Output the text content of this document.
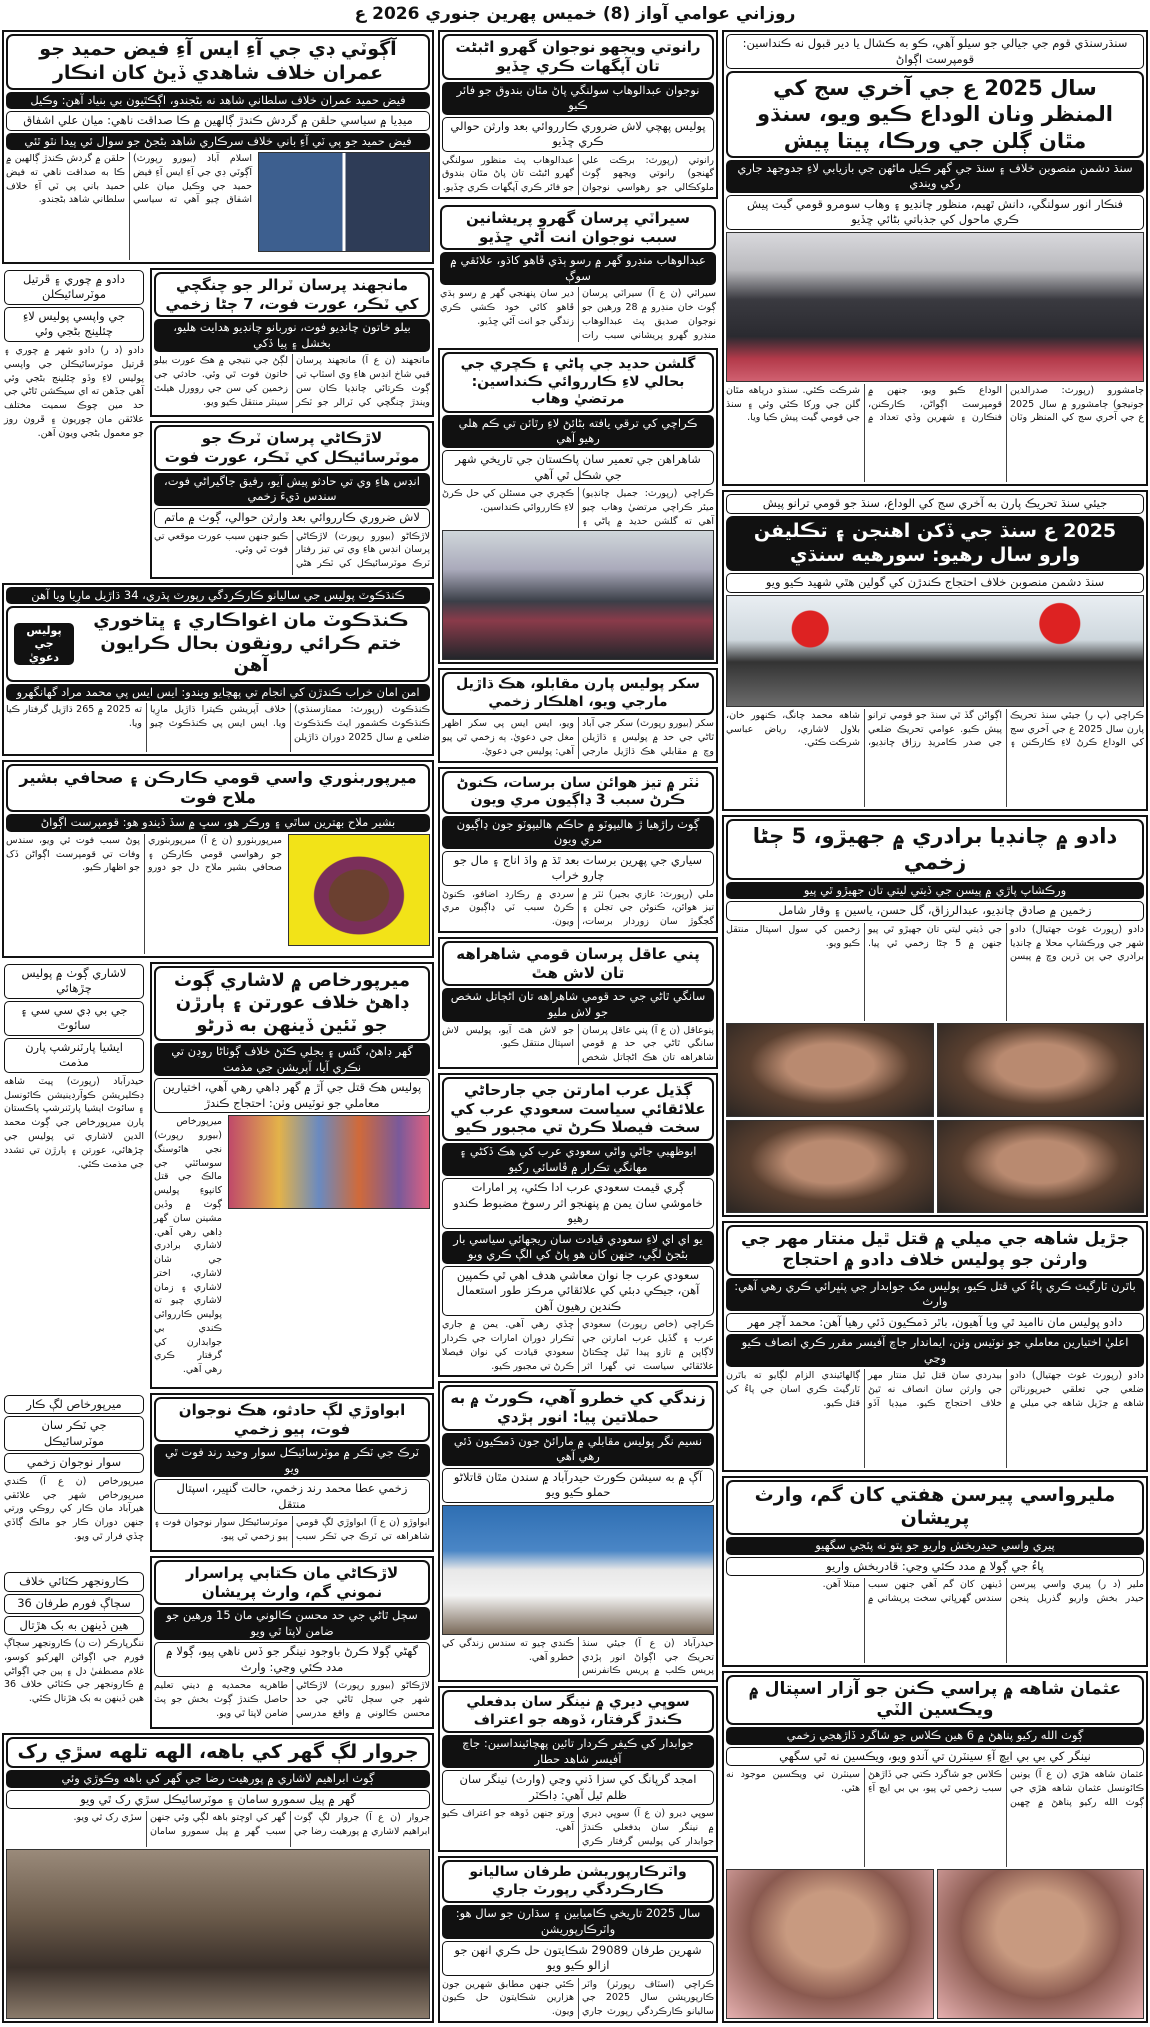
روزاني عوامي آواز (8) خميس پهرين جنوري 2026 ع
آڳوٽي ڊي جي آءِ ايس آءِ فيض حميد جو عمران خلاف شاهدي ڏيڻ کان انڪار
فيض حميد عمران خلاف سلطاني شاهد نه بڻجندو، اڳڪٿيون بي بنياد آهن: وڪيل
ميڊيا ۾ سياسي حلقن ۾ گردش ڪندڙ ڳالهين ۾ ڪا صداقت ناهي: ميان علي اشفاق
فيض حميد جو پي ٽي آءِ باني خلاف سرڪاري شاهد بڻجڻ جو سوال ئي پيدا نٿو ٿئي
اسلام آباد (بيورو رپورٽ) آڳوٽي ڊي جي آءِ ايس آءِ فيض حميد جي وڪيل ميان علي اشفاق چيو آهي ته سياسي حلقن ۾ گردش ڪندڙ ڳالهين ۾ ڪا به صداقت ناهي ته فيض حميد باني پي ٽي آءِ خلاف سلطاني شاهد بڻجندو.
مانجهند پرسان ٽرالر جو چنگچي کي ٽڪر، عورت فوت، 7 ڄڻا زخمي
بيلو خاتون چانڊيو فوت، نوربانو چانڊيو هدايت هليو، بخشل ۽ پيا ڏکي
مانجهند (ن ع آ) مانجهند پرسان قبي شاخ انڊس هاءِ وي اسٽاپ تي ڳوٺ ڪرتائي چانڊيا ڪان سن ويندڙ چنگچي کي ٽرالر جو ٽڪر لڳڻ جي نتيجي ۾ هڪ عورت بيلو خاتون فوت ٿي وئي. حادثي جي زخمين کي سن جي روورل هيلٿ سينٽر منتقل ڪيو ويو.
لاڙڪاڻي پرسان ٽرڪ جو موٽرسائيڪل کي ٽڪر، عورت فوت
انڊس هاءِ وي تي حادثو پيش آيو، رفيق جاگيراڻي فوت، سندس ڌيءَ زخمي
لاش ضروري ڪارروائي بعد وارثن حوالي، ڳوٺ ۾ ماتم
لاڙڪاڻو (بيورو رپورٽ) لاڙڪاڻي پرسان انڊس هاءِ وي تي تيز رفتار ٽرڪ موٽرسائيڪل کي ٽڪر هڻي ڪيو جنهن سبب عورت موقعي تي فوت ٿي وئي.
دادو ۾ چوري ۽ ڦرتيل موٽرسائيڪلن
جي واپسي پوليس لاءِ چئلينج بڻجي وئي
دادو (د ر) دادو شهر ۾ چوري ۽ ڦرتيل موٽرسائيڪلن جي واپسي پوليس لاءِ وڏو چئلينج بڻجي وئي آهي جڏهن ته اي سيڪشن ٿاڻي جي حد مين چوڪ سميت مختلف علائقن مان چوريون ۽ ڦرون روز جو معمول بڻجي ويون آهن.
ڪنڌڪوٽ پوليس جي ساليانو ڪارڪردگي رپورٽ پڌري، 34 ڌاڙيل مارِيا ويا آهن
ڪنڌڪوٽ مان اغواڪاري ۽ ڀتاخوري ختم ڪرائي رونقون بحال ڪرايون آهن
پوليس جي دعويٰ
امن امان خراب ڪندڙن کي انجام تي پهچايو ويندو: ايس ايس پي محمد مراد گهانگهرو
ڪنڌڪوٽ (رپورٽ: ممتازسنڌي) ڪنڌڪوٽ ڪشمور ايٽ ڪنڌڪوٽ ضلعي ۾ سال 2025 دوران ڌاڙيلن خلاف آپريشن ڪيترا ڌاڙيل مارِيا ويا. ايس ايس پي ڪنڌڪوٽ چيو ته 2025 ۾ 265 ڌاڙيل گرفتار ڪيا ويا.
ميرپوربٺوري واسي قومي ڪارڪن ۽ صحافي بشير ملاح فوت
بشير ملاح بهترين ساٿي ۽ ورڪر هو، سڀ ۾ سڏ ڏيندو هو: قومپرست اڳواڻ
ميرپوربٺورو (ن ع آ) ميرپوربٺوري جو رهواسي قومي ڪارڪن ۽ صحافي بشير ملاح دل جو دورو پوڻ سبب فوت ٿي ويو، سندس وفات تي قومپرست اڳواڻن ڏک جو اظهار ڪيو.
ميرپورخاص ۾ لاشاري ڳوٺ ڊاهڻ خلاف عورتن ۽ ٻارڙن جو ٽئين ڏينهن به ڌرڻو
گهر ڊاهڻ، گئس ۽ بجلي ڪٽڻ خلاف ڳوٺاڻا روڊن تي نڪري آيا، آپريشن جي مذمت
پوليس هڪ قتل جي آڙ ۾ گهر ڊاهي رهي آهي، اختيارين معاملي جو نوٽيس وٺن: احتجاج ڪندڙ
ميرپورخاص (بيورو رپورٽ) نجي هائوسنگ سوسائٽي جي مالڪ جي قتل کانپوءِ پوليس ڳوٺ ۾ وڏين مشينن سان گهر ڊاهي رهي آهي. لاشاري برادري جي شان لاشاري، اختر لاشاري ۽ زمان لاشاري چيو ته پوليس ڪارروائي ڪندي بي جوابدارن کي گرفتار ڪري رهي آهي.
لاشاري ڳوٺ ۾ پوليس چڙهائي
جي بي ڊي سي سي ۽ سائوٿ
ايشيا پارٽنرشپ پارن مذمت
حيدرآباد (رپورٽ) پيٽ شاهه ڊڪليريشن ڪوآرڊينيشن ڪائونسل ۽ سائوٿ ايشيا پارٽنرشپ پاڪستان پارن ميرپورخاص جي ڳوٺ محمد الدين لاشاري تي پوليس جي چڙهائي، عورتن ۽ ٻارڙن تي تشدد جي مذمت ڪئي.
ابواوڙي لڳ حادثو، هڪ نوجوان فوت، ٻيو زخمي
ٽرڪ جي ٽڪر ۾ موٽرسائيڪل سوار وحيد رند فوت ٿي ويو
زخمي عطا محمد رند زخمي، حالت گنڀير، اسپتال منتقل
ابواوڙو (ن ع آ) ابواوڙي لڳ قومي شاهراهه تي ٽرڪ جي ٽڪر سبب موٽرسائيڪل سوار نوجوان فوت ۽ ٻيو زخمي ٿي پيو.
لاڙڪاڻي مان ڪتابي پراسرار نموني گم، وارث پريشان
سڄل ٿاڻي جي حد محسن ڪالوني مان 15 ورهين جو ضامن لاپتا ٿي ويو
گهڻي ڳولا ڪرڻ باوجود نينگر جو ڏس ناهي پيو، ڳولا ۾ مدد ڪئي وڃي: وارث
لاڙڪاڻو (بيورو رپورٽ) لاڙڪاڻي شهر جي سڄل ٿاڻي جي حد محسن ڪالوني ۾ واقع مدرسي طاهريه محمديه ۾ ديني تعليم حاصل ڪندڙ ڳوٺ بخش جو پٽ ضامن لاپتا ٿي ويو.
ميرپورخاص لڳ ڪار
جي ٽڪر سان موٽرسائيڪل
سوار نوجوان زخمي
ميرپورخاص (ن ع آ) ڪندي ميرپورخاص شهر جي علائقي هيرآباد مان ڪار کي روڪي ورتي جنهن دوران ڪار جو مالڪ ڳاڏي ڇڏي فرار ٿي ويو.
ڪارونجهر ڪٽائي خلاف
سڄاڳ فورم طرفان 36
هين ڏينهن به بک هڙتال
ننگرپارڪر (ت ن) ڪارونجهر سڄاڳ فورم جي اڳواڻن الهرکيو کوسو، غلام مصطفيٰ دل ۽ ٻين جي اڳواڻي ۾ ڪارونجهر جي ڪٽائي خلاف 36 هين ڏينهن به بک هڙتال ڪئي.
جروار لڳ گهر کي باهه، الهه تلهه سڙي رک
ڳوٺ ابراهيم لاشاري ۾ پورهيت رضا جي گهر کي باهه وڪوڙي وئي
گهر ۾ پيل سمورو سامان ۽ موٽرسائيڪل سڙي رک ٿي ويو
جروار (ن ع آ) جروار لڳ ڳوٺ ابراهيم لاشاري ۾ پورهيت رضا جي گهر کي اوچتو باهه لڳي وئي جنهن سبب گهر ۾ پيل سمورو سامان سڙي رک ٿي ويو.
رانوتي ويجهو نوجوان گهرو اڻبڻت تان آپگهات ڪري ڇڏيو
نوجوان عبدالوهاب سولنگي پاڻ مٿان بندوق جو فائر ڪيو
پوليس پهچي لاش ضروري ڪارروائي بعد وارثن حوالي ڪري ڇڏيو
رانوتي (رپورٽ: برڪت علي گهنجو) رانوتي ويجهو ڳوٺ ملوکڪالي جو رهواسي نوجوان عبدالوهاب پٽ منظور سولنگي گهرو اڻبڻت تان پاڻ مٿان بندوق جو فائر ڪري آپگهات ڪري ڇڏيو.
سيراٽي پرسان گهرو پريشانين سبب نوجوان انت آڻي ڇڏيو
عبدالوهاب منڊرو گهر ۾ رسو ٻڌي ڦاهو کاڌو، علائقي ۾ سوڳ
سيراٽي (ن ع آ) سيراٽي پرسان ڳوٺ خان منڊرو ۾ 28 ورهين جو نوجوان صديق پٽ عبدالوهاب منڊرو گهرو پريشاني سبب رات دير سان پنهنجي گهر ۾ رسو ٻڌي ڦاهو کائي خود ڪشي ڪري زندگي جو انت آڻي ڇڏيو.
گلشن حديد جي پاڻي ۽ ڪچري جي بحالي لاءِ ڪارروائي ڪنداسين: مرتضيٰ وهاب
ڪراچي کي ترقي يافته بڻائڻ لاءِ رٿائن تي ڪم هلي رهيو آهي
شاهراهن جي تعمير سان پاڪستان جي تاريخي شهر جي شڪل ٿي آهي
ڪراچي (رپورٽ: جميل چانڊيو) ميئر ڪراچي مرتضيٰ وهاب چيو آهي ته گلشن حديد ۾ پاڻي ۽ ڪچري جي مسئلن کي حل ڪرڻ لاءِ ڪارروائي ڪنداسين.
سکر پوليس پارن مقابلو، هڪ ڌاڙيل مارجي ويو، اهلڪار زخمي
سکر (بيورو رپورٽ) سکر جي آباد ٿاڻي جي حد ۾ پوليس ۽ ڌاڙيلن وچ ۾ مقابلي هڪ ڌاڙيل مارجي ويو، ايس ايس پي سکر اظهر مغل جي دعويٰ. ٻه زخمي ٿي پيو آهي: پوليس جي دعويٰ.
ٺٽر ۾ تيز هوائن سان برسات، ڪنوڻ ڪرڻ سبب 3 ڍاڳيون مري ويون
ڳوٺ راڙهيا ڙ هاليپوٽو ۾ حاڪم هاليپوٽو جون ڍاڳيون مري ويون
سياري جي پهرين برسات بعد ٿڌ ۾ واڌ اناج ۽ مال جو چارو خراب
ملي (رپورٽ: غازي بجير) ٺٽر ۾ تيز هوائن، ڪنوڻن جي تجلن ۽ گجگوڙ سان زوردار برسات، سردي ۾ رڪارڊ اضافو، ڪنوڻ ڪرڻ سبب ٽي ڍاڳيون مري ويون.
پني عاقل پرسان قومي شاهراهه تان لاش هٿ
سانگي ٿاڻي جي حد قومي شاهراهه تان اڻڄاتل شخص جو لاش مليو
پنوعاقل (ن ع آ) پني عاقل پرسان سانگي ٿاڻي جي حد ۾ قومي شاهراهه تان هڪ اڻڄاتل شخص جو لاش هٿ آيو، پوليس لاش اسپتال منتقل ڪيو.
ڳڌيل عرب امارتن جي جارحاڻي علائقائي سياست سعودي عرب کي سخت فيصلا ڪرڻ تي مجبور ڪيو
ابوظهبي جاڻي واڻي سعودي عرب کي هڪ ڏکڻي ۽ مهانگي تڪرار ۾ ڦاسائي رکيو
ڳري قيمت سعودي عرب ادا ڪئي، پر امارات خاموشي سان يمن ۾ پنهنجو اثر رسوخ مضبوط ڪندو رهيو
يو اي اي لاءِ سعودي قيادت سان ريجهائي سياسي بار بڻجڻ لڳي، جنهن کان هو پاڻ کي الڳ ڪري ويو
سعودي عرب جا نوان معاشي هدف اهي ٿي ڪمپين آهن، جيڪي دبئي کي علائقائي مرڪز طور استعمال ڪندين رهيون آهن
ڪراچي (خاص رپورٽ) سعودي عرب ۽ گڏيل عرب امارتن جي لاڳاپن ۾ تازو پيدا ٿيل ڇڪتاڻ علائقائي سياست تي گهرا اثر ڇڏي رهي آهي. يمن ۾ جاري تڪرار دوران امارات جي ڪردار سعودي قيادت کي نوان فيصلا ڪرڻ تي مجبور ڪيو.
زندگي کي خطرو آهي، ڪورٽ ۾ به حملاتين پيا: انور ٻڙدي
نسيم نگر پوليس مقابلي ۾ مارائڻ جون ڌمڪيون ڏئي رهي آهي
آڳ ۾ به سيشن ڪورٽ حيدرآباد ۾ سندن مٿان قاتلاڻو حملو ڪيو ويو
حيدرآباد (ن ع آ) جيئي سنڌ تحريڪ جي اڳواڻ انور ٻڙدي پريس ڪلب ۾ پريس ڪانفرنس ڪندي چيو ته سندس زندگي کي خطرو آهي.
سوڀي ديري ۾ نينگر سان بدفعلي ڪندڙ گرفتار، ڏوهه جو اعتراف
جوابدار کي ڪيفر ڪردار تائين پهچائينداسين: جاچ آفيسر شاهد حطار
امجد گرپانگ کي سزا ڏني وڃي (وارث) نينگر سان ظلم ٿيل آهي: ڊاڪٽر
سوڀي ديرو (ن ع آ) سوڀي ديري ۾ نينگر سان بدفعلي ڪندڙ جوابدار کي پوليس گرفتار ڪري ورتو جنهن ڏوهه جو اعتراف ڪيو آهي.
واٽرڪارپوريشن طرفان ساليانو ڪارڪردگي رپورٽ جاري
سال 2025 تاريخي ڪاميابين ۽ سڌارن جو سال هو: واٽرڪارپوريشن
شهرين طرفان 29089 شڪايتون حل ڪري انهن جو ازالو ڪيو ويو
ڪراچي (اسٽاف رپورٽر) واٽر ڪارپوريشن سال 2025 جي ساليانو ڪارڪردگي رپورٽ جاري ڪئي جنهن مطابق شهرين جون هزارين شڪايتون حل ڪيون ويون.
سنڌرسنڌي قوم جي جيالي جو سيلو آهي، ڪو به ڪشال يا دير قبول نه ڪنداسين: قومپرست اڳواڻ
سال 2025 ع جي آخري سج کي المنظر ونان الوداع ڪيو ويو، سنڌو مٿان ڳلن جي ورڪا، پيتا پيش
سنڌ دشمن منصوبن خلاف ۽ سنڌ جي گهر ڪيل ماڻهن جي بازيابي لاءِ جدوجهد جاري رکي ويندي
فنڪار انور سولنگي، دانش ٿهيم، منظور چانڊيو ۽ وهاب سومرو قومي گيت پيش ڪري ماحول کي جذباتي بڻائي ڇڏيو
ڄامشورو (رپورٽ: صدرالدين جونيجو) ڄامشورو ۾ سال 2025 ع جي آخري سج کي المنظر وٽان الوداع ڪيو ويو، جنهن ۾ قومپرست اڳواڻن، ڪارڪنن، فنڪارن ۽ شهرين وڏي تعداد ۾ شرڪت ڪئي. سنڌو درياهه مٿان گلن جي ورکا ڪئي وئي ۽ سنڌ جي قومي گيت پيش ڪيا ويا.
جيئي سنڌ تحريڪ پارن به آخري سج کي الوداع، سنڌ جو قومي ترانو پيش
2025 ع سنڌ جي ڏکن اهنجن ۽ تڪليفن وارو سال رهيو: سورهيه سنڌي
سنڌ دشمن منصوبن خلاف احتجاج ڪندڙن کي گولين هٿي شهيد ڪيو ويو
ڪراچي (پ ر) جيئي سنڌ تحريڪ پارن سال 2025 ع جي آخري سج کي الوداع ڪرڻ لاءِ ڪارڪنن ۽ اڳواڻن گڏ ٿي سنڌ جو قومي ترانو پيش ڪيو. عوامي تحريڪ ضلعي جي صدر ڪامريڊ رزاق چانڊيو، شاهه محمد چانگ، ڪنهور خان، بلاول لاشاري، رياض عباسي شرڪت ڪئي.
دادو ۾ چانڊيا برادري ۾ جهيڙو، 5 ڄڻا زخمي
ورڪشاپ پاڙي ۾ پيسن جي ڏيتي ليتي تان جهيڙو ٿي پيو
زخمين ۾ صادق چانڊيو، عبدالرزاق، گل حسن، ياسين ۽ وقار شامل
دادو (رپورٽ غوث جهتيال) دادو شهر جي ورڪشاپ محلا ۾ چانڊيا برادري جي ٻن ڌرين وچ ۾ پيسن جي ڏيتي ليتي تان جهيڙو ٿي پيو جنهن ۾ 5 ڄڻا زخمي ٿي پيا. زخمين کي سول اسپتال منتقل ڪيو ويو.
جڙيل شاهه جي ميلي ۾ قتل ٿيل منتار مهر جي وارثن جو پوليس خلاف دادو ۾ احتجاج
باٿرن ٽارگيٽ ڪري پاءُ کي قتل ڪيو، پوليس مک جوابدار جي پٺڀرائي ڪري رهي آهي: وارث
دادو پوليس مان نااميد ٿي ويا آهيون، باٿر ڌمڪيون ڏئي رهيا آهن: محمد آچر مهر
اعليٰ اختيارين معاملي جو نوٽيس وٺن، ايماندار جاچ آفيسر مقرر ڪري انصاف ڪيو وڃي
دادو (رپورٽ غوث جهتيال) دادو ضلعي جي تعلقي خيرپورناٿن شاهه ۾ جڙيل شاهه جي ميلي ۾ بيدردي سان قتل ٿيل منتار مهر جي وارثن سان انصاف نه ٿيڻ خلاف احتجاج ڪيو. ميڊيا آڏو ڳالهائيندي الزام لڳايو ته باٿرن ٽارگيٽ ڪري اسان جي پاءُ کي قتل ڪيو.
مليرواسي پيرسن هفتي کان گم، وارث پريشان
پيري واسي حيدربخش واريو جو پتو نه پئجي سگهيو
پاءُ جي ڳولا ۾ مدد ڪئي وڃي: قادربخش واريو
ملير (د ر) پيري واسي پيرسن حيدر بخش واريو گذريل پنجن ڏينهن کان گم آهي جنهن سبب سندس گهرڀاتي سخت پريشاني ۾ مبتلا آهن.
عثمان شاهه ۾ پراسي ڪنن جو آزار اسپتال ۾ ويڪسين الٽي
ڳوٺ الله رکيو پناهڻ ۾ 6 هين ڪلاس جو شاگرد ڏاڙهجي زخمي
نينگر کي بي بي ايڇ آءِ سينٽرن تي آندو ويو، ويڪسين نه ٿي سگهي
عثمان شاهه هڙي (ن ع آ) يونين ڪائونسل عثمان شاهه هڙي جي ڳوٺ الله رکيو پناهڻ ۾ ڇهين ڪلاس جو شاگرد ڪتي جي ڏاڙهڻ سبب زخمي ٿي پيو، بي بي ايڇ آءِ سينٽرن تي ويڪسين موجود نه هئي.
